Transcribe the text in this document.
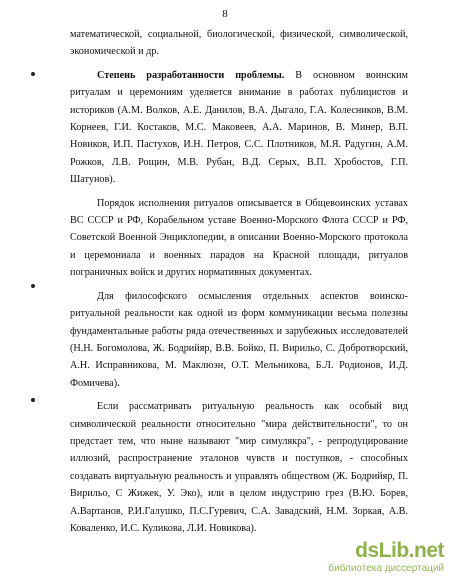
8

математической, социальной, биологической, физической, символической, экономической и др.

Степень разработанности проблемы. В основном воинским ритуалам и церемониям уделяется внимание в работах публицистов и историков (А.М. Волков, А.Е. Данилов, В.А. Дыгало, Г.А. Колесников, В.М. Корнеев, Г.И. Костаков, М.С. Маковеев, А.А. Маринов, В. Минер, В.П. Новиков, И.П. Пастухов, И.Н. Петров, С.С. Плотников, М.Я. Радугин, А.М. Рожков, Л.В. Рощин, М.В. Рубан, В.Д. Серых, В.П. Хробостов, Г.П. Шатунов).

Порядок исполнения ритуалов описывается в Общевоинских уставах ВС СССР и РФ, Корабельном уставе Военно-Морского Флота СССР и РФ, Советской Военной Энциклопедии, в описании Военно-Морского протокола и церемониала и военных парадов на Красной площади, ритуалов пограничных войск и других нормативных документах.

Для философского осмысления отдельных аспектов воинско-ритуальной реальности как одной из форм коммуникации весьма полезны фундаментальные работы ряда отечественных и зарубежных исследователей (Н.Н. Богомолова, Ж. Бодрийяр, В.В. Бойко, П. Вирильо, С. Добротворский, А.Н. Исправникова, М. Маклюэн, О.Т. Мельникова, Б.Л. Родионов, И.Д. Фомичева).

Если рассматривать ритуальную реальность как особый вид символической реальности относительно "мира действительности", то он предстает тем, что ныне называют "мир симулякра", - репродуцирование иллюзий, распространение эталонов чувств и поступков, - способных создавать виртуальную реальность и управлять обществом (Ж. Бодрийяр, П. Вирильо, С Жижек, У. Эко), или в целом индустрию грез (В.Ю. Борев, А.Вартанов, Р.И.Галушко, П.С.Гуревич, С.А. Завадский, Н.М. Зоркая, А.В. Коваленко, И.С. Куликова, Л.И. Новикова).

dsLib.net
библиотека диссертаций
